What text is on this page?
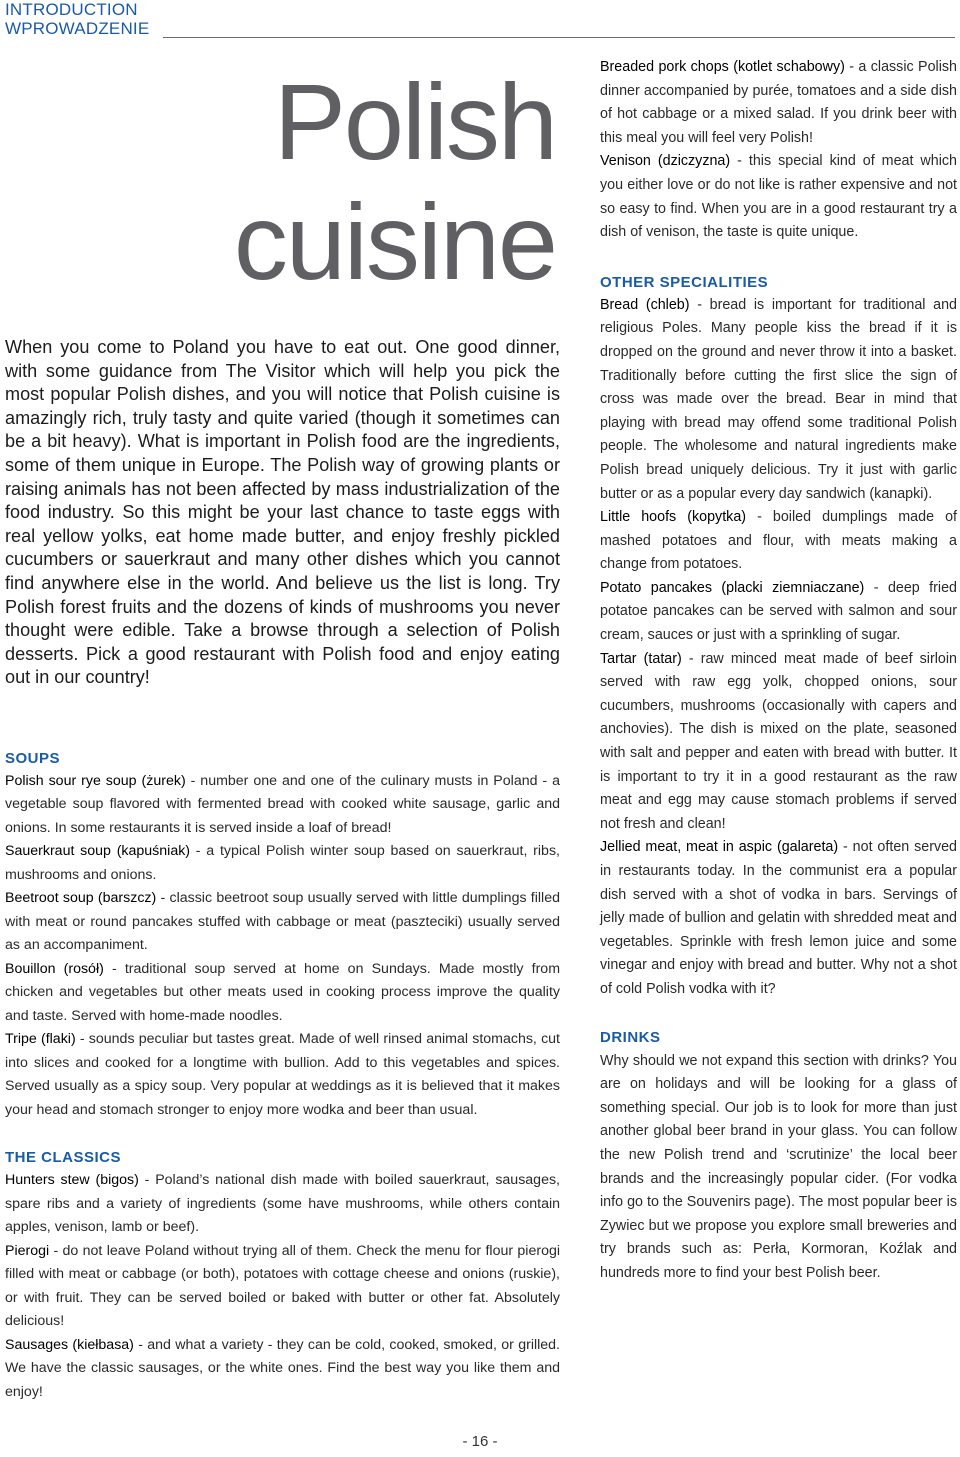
INTRODUCTION
WPROWADZENIE
Polish
cuisine

When you come to Poland you have to eat out. One good dinner, with some guidance from The Visitor which will help you pick the most popular Polish dishes, and you will notice that Polish cuisine is amazingly rich, truly tasty and quite varied (though it sometimes can be a bit heavy). What is important in Polish food are the ingredients, some of them unique in Europe. The Polish way of growing plants or raising animals has not been affected by mass industrialization of the food industry. So this might be your last chance to taste eggs with real yellow yolks, eat home made butter, and enjoy freshly pickled cucumbers or sauerkraut and many other dishes which you cannot find anywhere else in the world. And believe us the list is long. Try Polish forest fruits and the dozens of kinds of mushrooms you never thought were edible. Take a browse through a selection of Polish desserts. Pick a good restaurant with Polish food and enjoy eating out in our country!

SOUPS

Polish sour rye soup (żurek) - number one and one of the culinary musts in Poland - a vegetable soup flavored with fermented bread with cooked white sausage, garlic and onions. In some restaurants it is served inside a loaf of bread!

Sauerkraut soup (kapuśniak) - a typical Polish winter soup based on sauerkraut, ribs, mushrooms and onions.

Beetroot soup (barszcz) - classic beetroot soup usually served with little dumplings filled with meat or round pancakes stuffed with cabbage or meat (paszteciki) usually served as an accompaniment.

Bouillon (rosół) - traditional soup served at home on Sundays. Made mostly from chicken and vegetables but other meats used in cooking process improve the quality and taste. Served with home-made noodles.

Tripe (flaki) - sounds peculiar but tastes great. Made of well rinsed animal stomachs, cut into slices and cooked for a longtime with bullion. Add to this vegetables and spices. Served usually as a spicy soup. Very popular at weddings as it is believed that it makes your head and stomach stronger to enjoy more wodka and beer than usual.

THE CLASSICS

Hunters stew (bigos) - Poland’s national dish made with boiled sauerkraut, sausages, spare ribs and a variety of ingredients (some have mushrooms, while others contain apples, venison, lamb or beef).

Pierogi - do not leave Poland without trying all of them. Check the menu for flour pierogi filled with meat or cabbage (or both), potatoes with cottage cheese and onions (ruskie), or with fruit. They can be served boiled or baked with butter or other fat. Absolutely delicious!

Sausages (kiełbasa) - and what a variety - they can be cold, cooked, smoked, or grilled. We have the classic sausages, or the white ones. Find the best way you like them and enjoy!

Breaded pork chops (kotlet schabowy) - a classic Polish dinner accompanied by purée, tomatoes and a side dish of hot cabbage or a mixed salad. If you drink beer with this meal you will feel very Polish!

Venison (dziczyzna) - this special kind of meat which you either love or do not like is rather expensive and not so easy to find. When you are in a good restaurant try a dish of venison, the taste is quite unique.

OTHER SPECIALITIES

Bread (chleb) - bread is important for traditional and religious Poles. Many people kiss the bread if it is dropped on the ground and never throw it into a basket. Traditionally before cutting the first slice the sign of cross was made over the bread. Bear in mind that playing with bread may offend some traditional Polish people. The wholesome and natural ingredients make Polish bread uniquely delicious. Try it just with garlic butter or as a popular every day sandwich (kanapki).

Little hoofs (kopytka) - boiled dumplings made of mashed potatoes and flour, with meats making a change from potatoes.

Potato pancakes (placki ziemniaczane) - deep fried potatoe pancakes can be served with salmon and sour cream, sauces or just with a sprinkling of sugar.

Tartar (tatar) - raw minced meat made of beef sirloin served with raw egg yolk, chopped onions, sour cucumbers, mushrooms (occasionally with capers and anchovies). The dish is mixed on the plate, seasoned with salt and pepper and eaten with bread with butter. It is important to try it in a good restaurant as the raw meat and egg may cause stomach problems if served not fresh and clean!

Jellied meat, meat in aspic (galareta) - not often served in restaurants today. In the communist era a popular dish served with a shot of vodka in bars. Servings of jelly made of bullion and gelatin with shredded meat and vegetables. Sprinkle with fresh lemon juice and some vinegar and enjoy with bread and butter. Why not a shot of cold Polish vodka with it?

DRINKS

Why should we not expand this section with drinks? You are on holidays and will be looking for a glass of something special. Our job is to look for more than just another global beer brand in your glass. You can follow the new Polish trend and ‘scrutinize’ the local beer brands and the increasingly popular cider. (For vodka info go to the Souvenirs page). The most popular beer is Zywiec but we propose you explore small breweries and try brands such as: Perła, Kormoran, Koźlak and hundreds more to find your best Polish beer.

- 16 -
